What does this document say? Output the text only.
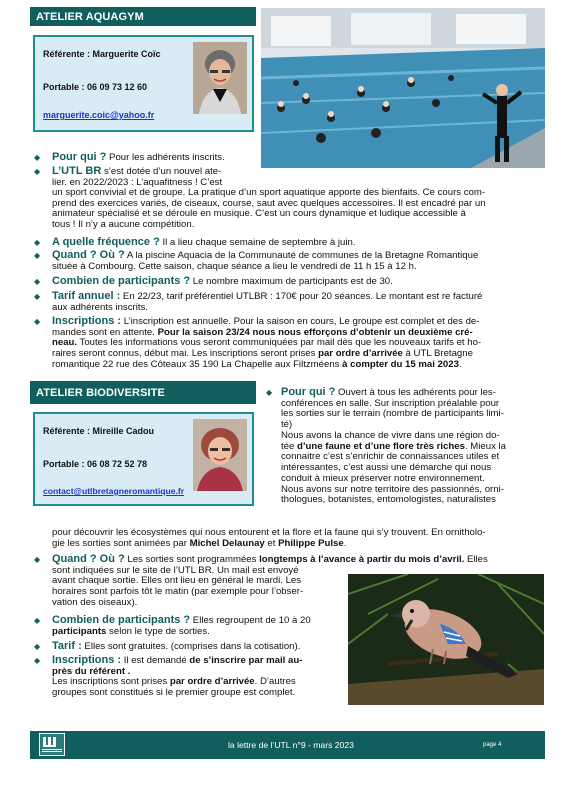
ATELIER AQUAGYM
Référente : Marguerite Coïc
Portable : 06 09 73 12 60
marguerite.coic@yahoo.fr
◆ Pour qui ? Pour les adhérents inscrits.
◆ L’UTL BR s’est dotée d’un nouvel ate-
lier. en 2022/2023 : L’aquafitness ! C’est
un sport convivial et de groupe. La pratique d’un sport aquatique apporte des bienfaits. Ce cours com-
prend des exercices variés, de ciseaux, course, saut avec quelques accessoires. Il est encadré par un
animateur spécialisé et se déroule en musique. C’est un cours dynamique et ludique accessible à
tous ! Il n’y a aucune compétition.
◆ A quelle fréquence ? Il a lieu chaque semaine de septembre à juin.
◆ Quand ? Où ? A la piscine Aquacia de la Communauté de communes de la Bretagne Romantique
située à Combourg. Cette saison, chaque séance a lieu le vendredi de 11 h 15 à 12 h.
◆ Combien de participants ? Le nombre maximum de participants est de 30.
◆ Tarif annuel : En 22/23, tarif préférentiel UTLBR : 170€ pour 20 séances. Le montant est re facturé
aux adhérents inscrits.
◆ Inscriptions : L’inscription est annuelle. Pour la saison en cours, Le groupe est complet et des de-
mandes sont en attente. Pour la saison 23/24 nous nous efforçons d’obtenir un deuxième cré-
neau. Toutes les informations vous seront communiquées par mail dès que les nouveaux tarifs et ho-
raires seront connus, début mai. Les inscriptions seront prises par ordre d’arrivée à UTL Bretagne
romantique 22 rue des Côteaux 35 190 La Chapelle aux Filtzméens à compter du 15 mai 2023.
ATELIER BIODIVERSITE
Référente : Mireille Cadou
Portable : 06 08 72 52 78
contact@utlbretagneromantique.fr
◆ Pour qui ? Ouvert à tous les adhérents pour les-
conférences en salle. Sur inscription préalable pour
les sorties sur le terrain (nombre de participants limi-
té)
Nous avons la chance de vivre dans une région do-
tée d’une faune et d’une flore très riches. Mieux la
connaitre c’est s’enrichir de connaissances utiles et
intéressantes, c’est aussi une démarche qui nous
conduit à mieux préserver notre environnement.
Nous avons sur notre territoire des passionnés, orni-
thologues, botanistes, entomologistes, naturalistes
pour découvrir les écosystèmes qui nous entourent et la flore et la faune qui s’y trouvent. En ornitholo-
gie les sorties sont animées par Michel Delaunay et Philippe Pulse.
◆ Quand ? Où ? Les sorties sont programmées longtemps à l’avance à partir du mois d’avril. Elles
sont indiquées sur le site de l’UTL BR. Un mail est envoyé
avant chaque sortie. Elles ont lieu en général le mardi. Les
horaires sont parfois tôt le matin (par exemple pour l’obser-
vation des oiseaux).
◆ Combien de participants ? Elles regroupent de 10 à 20
participants selon le type de sorties.
◆ Tarif : Elles sont gratuites. (comprises dans la cotisation).
◆ Inscriptions : Il est demandé de s’inscrire par mail au-
près du référent .
Les inscriptions sont prises par ordre d’arrivée. D’autres
groupes sont constitués si le premier groupe est complet.
la lettre de l’UTL n°9 - mars 2023	page 4
